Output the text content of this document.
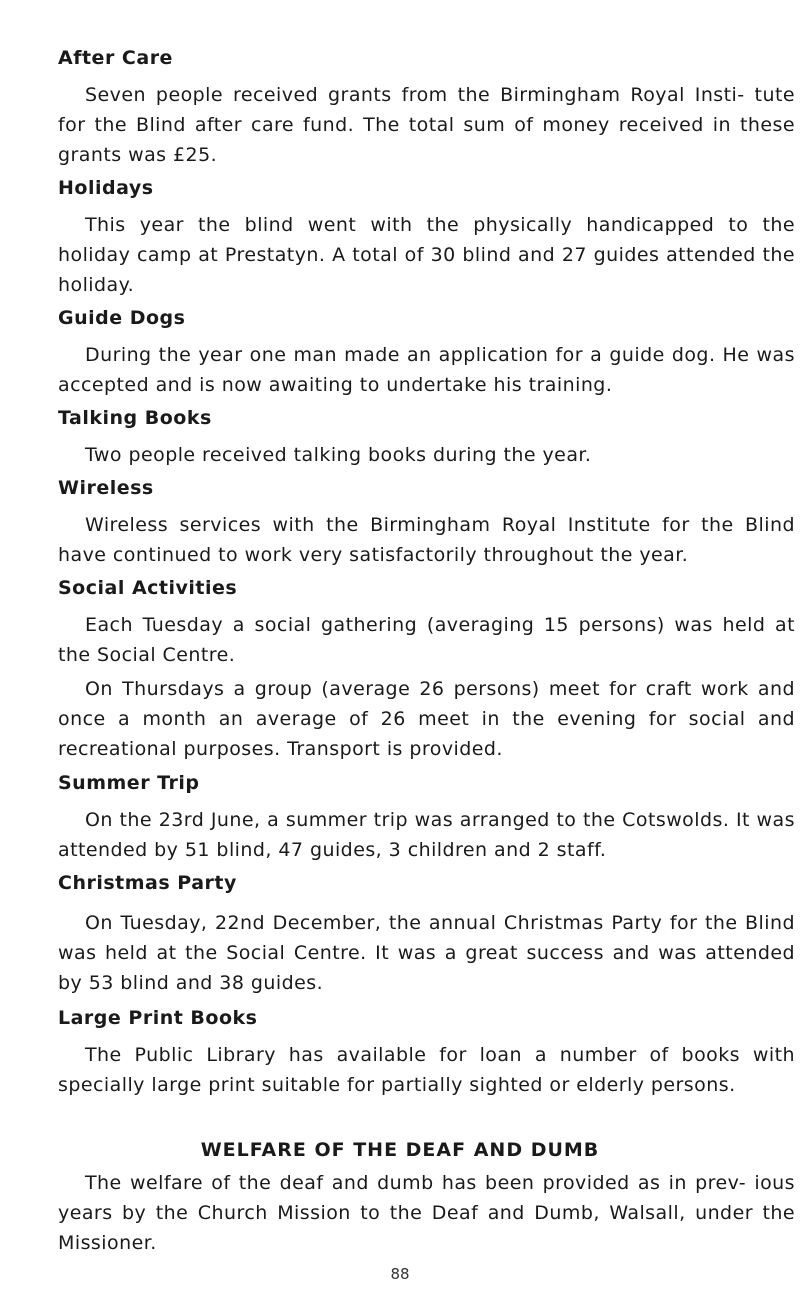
After Care
Seven people received grants from the Birmingham Royal Insti- tute for the Blind after care fund. The total sum of money received in these grants was £25.
Holidays
This year the blind went with the physically handicapped to the holiday camp at Prestatyn. A total of 30 blind and 27 guides attended the holiday.
Guide Dogs
During the year one man made an application for a guide dog. He was accepted and is now awaiting to undertake his training.
Talking Books
Two people received talking books during the year.
Wireless
Wireless services with the Birmingham Royal Institute for the Blind have continued to work very satisfactorily throughout the year.
Social Activities
Each Tuesday a social gathering (averaging 15 persons) was held at the Social Centre.
On Thursdays a group (average 26 persons) meet for craft work and once a month an average of 26 meet in the evening for social and recreational purposes. Transport is provided.
Summer Trip
On the 23rd June, a summer trip was arranged to the Cotswolds. It was attended by 51 blind, 47 guides, 3 children and 2 staff.
Christmas Party
On Tuesday, 22nd December, the annual Christmas Party for the Blind was held at the Social Centre. It was a great success and was attended by 53 blind and 38 guides.
Large Print Books
The Public Library has available for loan a number of books with specially large print suitable for partially sighted or elderly persons.
WELFARE OF THE DEAF AND DUMB
The welfare of the deaf and dumb has been provided as in prev- ious years by the Church Mission to the Deaf and Dumb, Walsall, under the Missioner.
88
